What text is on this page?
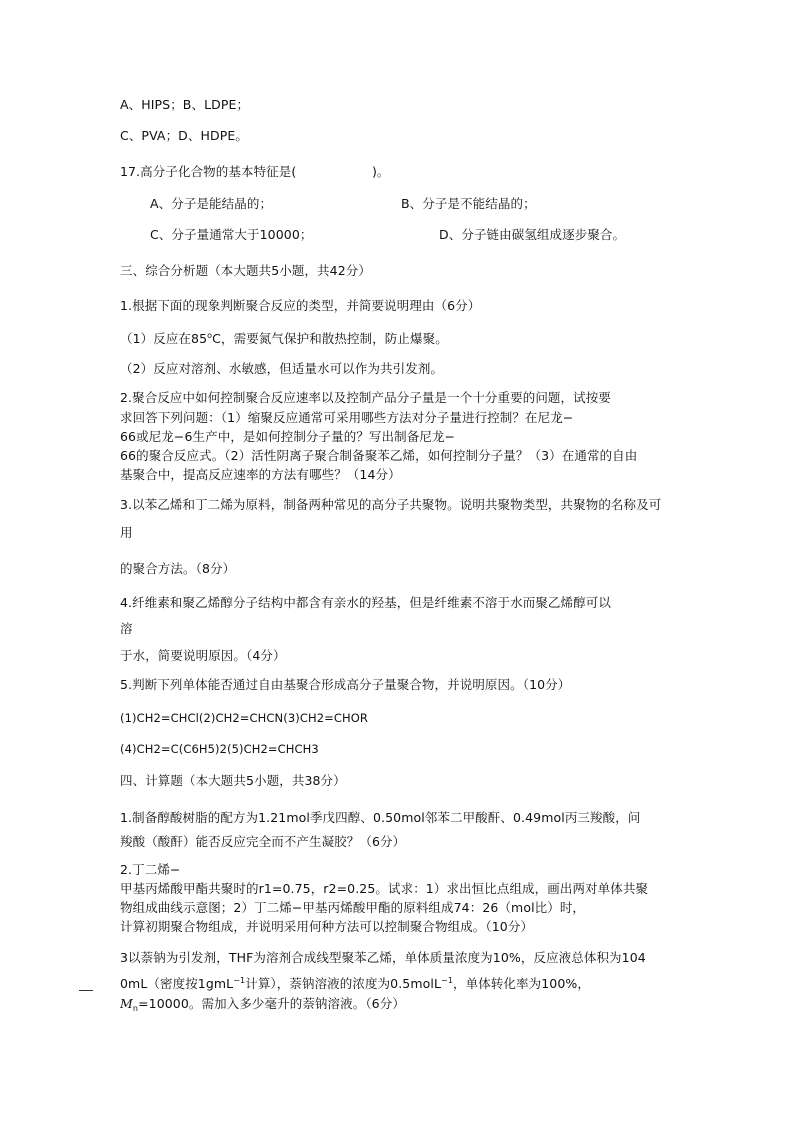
A、HIPS；B、LDPE；
C、PVA；D、HDPE。
17.高分子化合物的基本特征是(　　　　　　)。
A、分子是能结晶的；	B、分子是不能结晶的；
C、分子量通常大于10000；	D、分子链由碳氢组成逐步聚合。
三、综合分析题（本大题共5小题，共42分）
1.根据下面的现象判断聚合反应的类型，并简要说明理由（6分）
（1）反应在85$^o$C，需要氮气保护和散热控制，防止爆聚。
（2）反应对溶剂、水敏感，但适量水可以作为共引发剂。
2.聚合反应中如何控制聚合反应速率以及控制产品分子量是一个十分重要的问题，试按要
求回答下列问题：（1）缩聚反应通常可采用哪些方法对分子量进行控制？在尼龙−
66或尼龙−6生产中，是如何控制分子量的？写出制备尼龙−
66的聚合反应式。（2）活性阴离子聚合制备聚苯乙烯，如何控制分子量？（3）在通常的自由
基聚合中，提高反应速率的方法有哪些？（14分）
3.以苯乙烯和丁二烯为原料，制备两种常见的高分子共聚物。说明共聚物类型，共聚物的名称及可
用
的聚合方法。（8分）
4.纤维素和聚乙烯醇分子结构中都含有亲水的羟基，但是纤维素不溶于水而聚乙烯醇可以
溶
于水，简要说明原因。（4分）
5.判断下列单体能否通过自由基聚合形成高分子量聚合物，并说明原因。（10分）
(1)CH2=CHCl(2)CH2=CHCN(3)CH2=CHOR
(4)CH2=C(C6H5)2(5)CH2=CHCH3
四、计算题（本大题共5小题，共38分）
1.制备醇酸树脂的配方为1.21mol季戊四醇、0.50mol邻苯二甲酸酐、0.49mol丙三羧酸，问
羧酸（酸酐）能否反应完全而不产生凝胶？（6分）
2.丁二烯−
甲基丙烯酸甲酯共聚时的r1=0.75，r2=0.25。试求：1）求出恒比点组成，画出两对单体共聚
物组成曲线示意图；2）丁二烯−甲基丙烯酸甲酯的原料组成74：26（mol比）时，
计算初期聚合物组成，并说明采用何种方法可以控制聚合物组成。（10分）
3以萘钠为引发剂，THF为溶剂合成线型聚苯乙烯，单体质量浓度为10%，反应液总体积为104
0mL（密度按1gmL$^{-1}$计算），萘钠溶液的浓度为0.5molL$^{-1}$，单体转化率为100%，
$M_n=10000$。需加入多少毫升的萘钠溶液。（6分）
